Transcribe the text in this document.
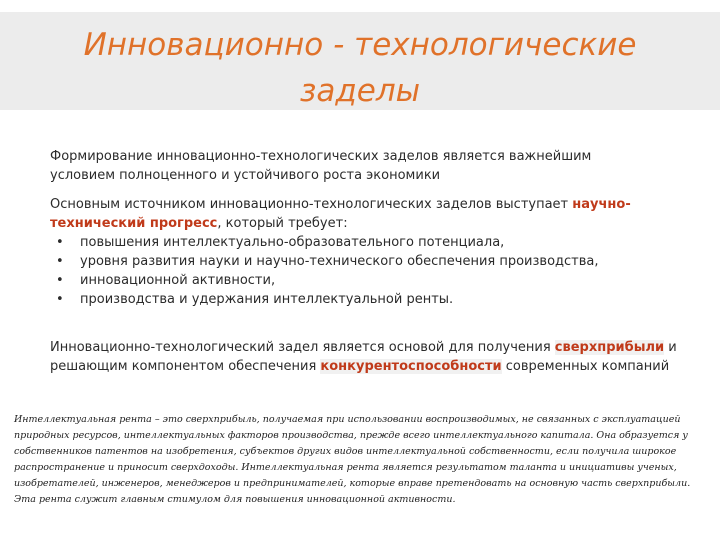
Инновационно - технологические
заделы

Формирование инновационно-технологических заделов является важнейшим условием полноценного и устойчивого роста экономики

Основным источником инновационно-технологических заделов выступает научно-технический прогресс, который требует:
• повышения интеллектуально-образовательного потенциала,
• уровня развития науки и научно-технического обеспечения производства,
• инновационной активности,
• производства и удержания интеллектуальной ренты.

Инновационно-технологический задел является основой для получения сверхприбыли и решающим компонентом обеспечения конкурентоспособности современных компаний

Интеллектуальная рента – это сверхприбыль, получаемая при использовании воспроизводимых, не связанных с эксплуатацией природных ресурсов, интеллектуальных факторов производства, прежде всего интеллектуального капитала. Она образуется у собственников патентов на изобретения, субъектов других видов интеллектуальной собственности, если получила широкое распространение и приносит сверхдоходы. Интеллектуальная рента является результатом таланта и инициативы ученых, изобретателей, инженеров, менеджеров и предпринимателей, которые вправе претендовать на основную часть сверхприбыли. Эта рента служит главным стимулом для повышения инновационной активности.
